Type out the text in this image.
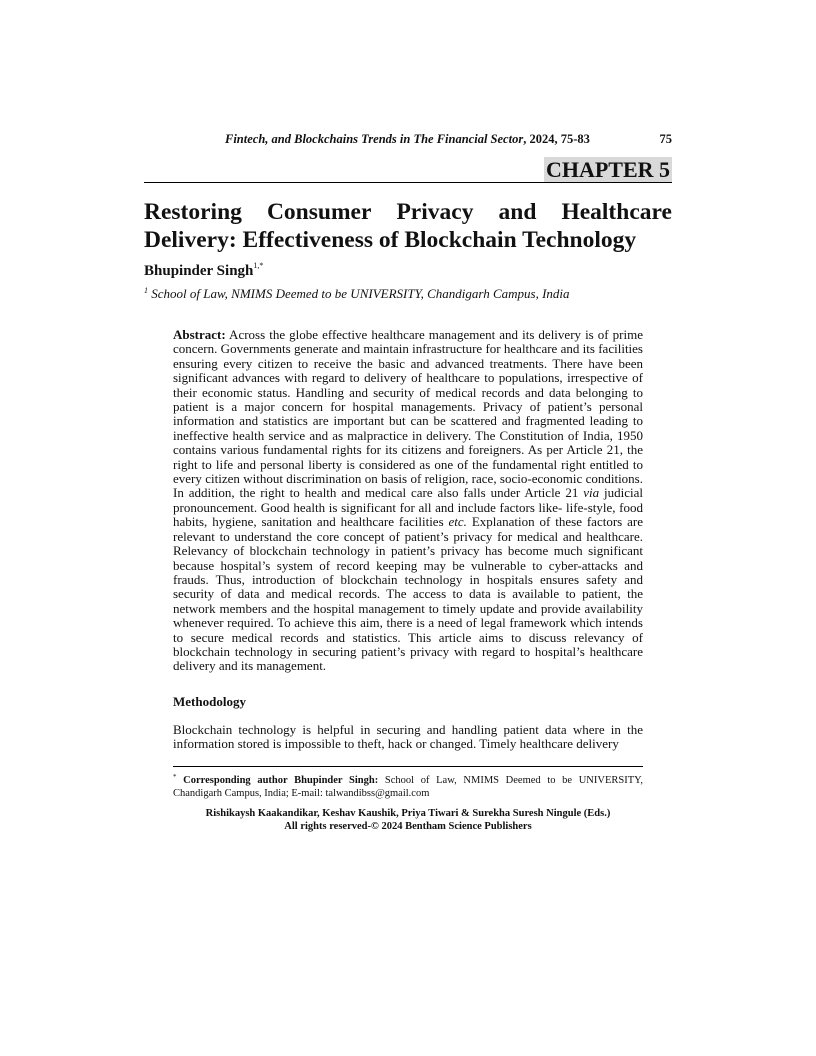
Fintech, and Blockchains Trends in The Financial Sector, 2024, 75-83	75
CHAPTER 5
Restoring Consumer Privacy and Healthcare
Delivery: Effectiveness of Blockchain Technology
Bhupinder Singh$^{1,*}$
$^1$ School of Law, NMIMS Deemed to be UNIVERSITY, Chandigarh Campus, India

Abstract: Across the globe effective healthcare management and its delivery is of prime concern. Governments generate and maintain infrastructure for healthcare and its facilities ensuring every citizen to receive the basic and advanced treatments. There have been significant advances with regard to delivery of healthcare to populations, irrespective of their economic status. Handling and security of medical records and data belonging to patient is a major concern for hospital managements. Privacy of patient’s personal information and statistics are important but can be scattered and fragmented leading to ineffective health service and as malpractice in delivery. The Constitution of India, 1950 contains various fundamental rights for its citizens and foreigners. As per Article 21, the right to life and personal liberty is considered as one of the fundamental right entitled to every citizen without discrimination on basis of religion, race, socio-economic conditions. In addition, the right to health and medical care also falls under Article 21 via judicial pronouncement. Good health is significant for all and include factors like- life-style, food habits, hygiene, sanitation and healthcare facilities etc. Explanation of these factors are relevant to understand the core concept of patient’s privacy for medical and healthcare. Relevancy of blockchain technology in patient’s privacy has become much significant because hospital’s system of record keeping may be vulnerable to cyber-attacks and frauds. Thus, introduction of blockchain technology in hospitals ensures safety and security of data and medical records. The access to data is available to patient, the network members and the hospital management to timely update and provide availability whenever required. To achieve this aim, there is a need of legal framework which intends to secure medical records and statistics. This article aims to discuss relevancy of blockchain technology in securing patient’s privacy with regard to hospital’s healthcare delivery and its management.

Methodology

Blockchain technology is helpful in securing and handling patient data where in the information stored is impossible to theft, hack or changed. Timely healthcare delivery

* Corresponding author Bhupinder Singh: School of Law, NMIMS Deemed to be UNIVERSITY, Chandigarh Campus, India; E-mail: talwandibss@gmail.com

Rishikaysh Kaakandikar, Keshav Kaushik, Priya Tiwari & Surekha Suresh Ningule (Eds.)
All rights reserved-© 2024 Bentham Science Publishers
